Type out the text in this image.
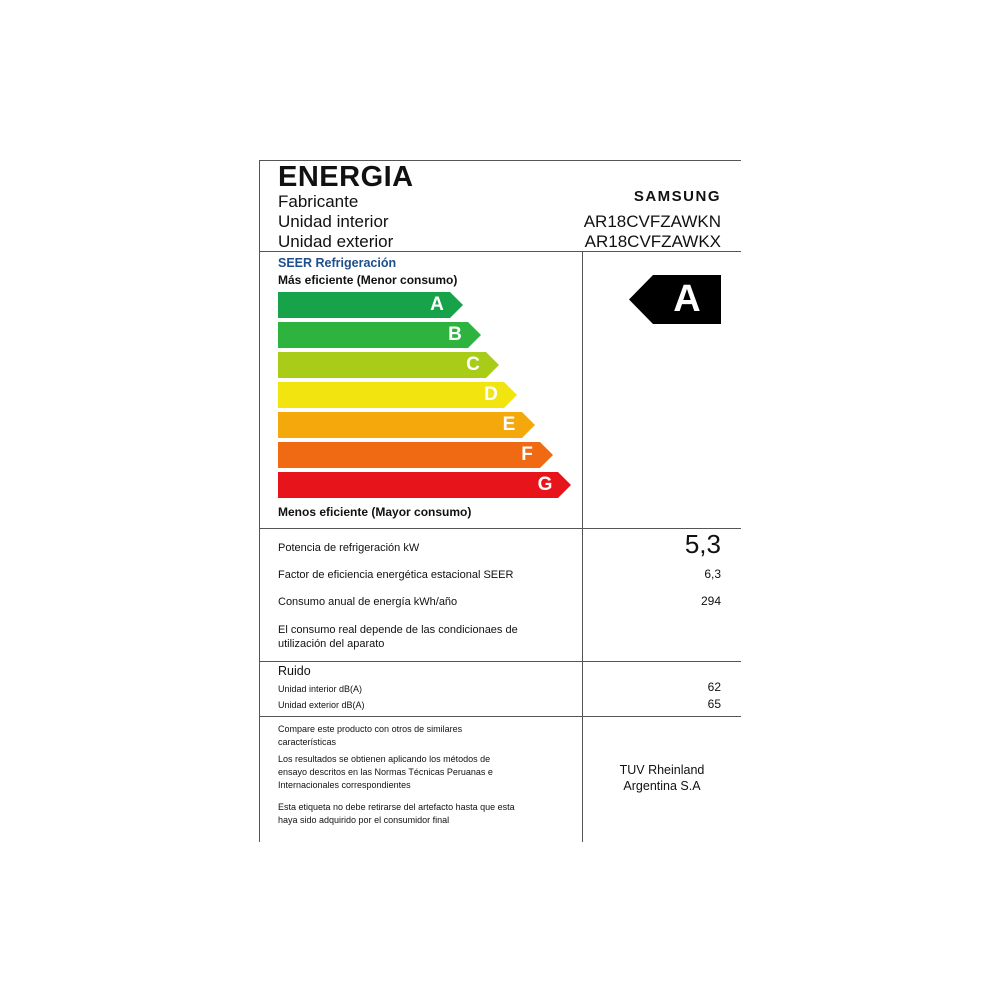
ENERGIA
Fabricante	SAMSUNG
Unidad interior	AR18CVFZAWKN
Unidad exterior	AR18CVFZAWKX
SEER Refrigeración
Más eficiente (Menor consumo)
A
B
C
D
E
F
G
Menos eficiente (Mayor consumo)
A
Potencia de refrigeración kW	5,3
Factor de eficiencia energética estacional SEER	6,3
Consumo anual de energía kWh/año	294
El consumo real depende de las condicionaes de utilización del aparato
Ruido
Unidad interior dB(A)	62
Unidad exterior dB(A)	65
Compare este producto con otros de similares características
Los resultados se obtienen aplicando los métodos de ensayo descritos en las Normas Técnicas Peruanas e Internacionales correspondientes
Esta etiqueta no debe retirarse del artefacto hasta que esta haya sido adquirido por el consumidor final
TUV Rheinland
Argentina S.A
